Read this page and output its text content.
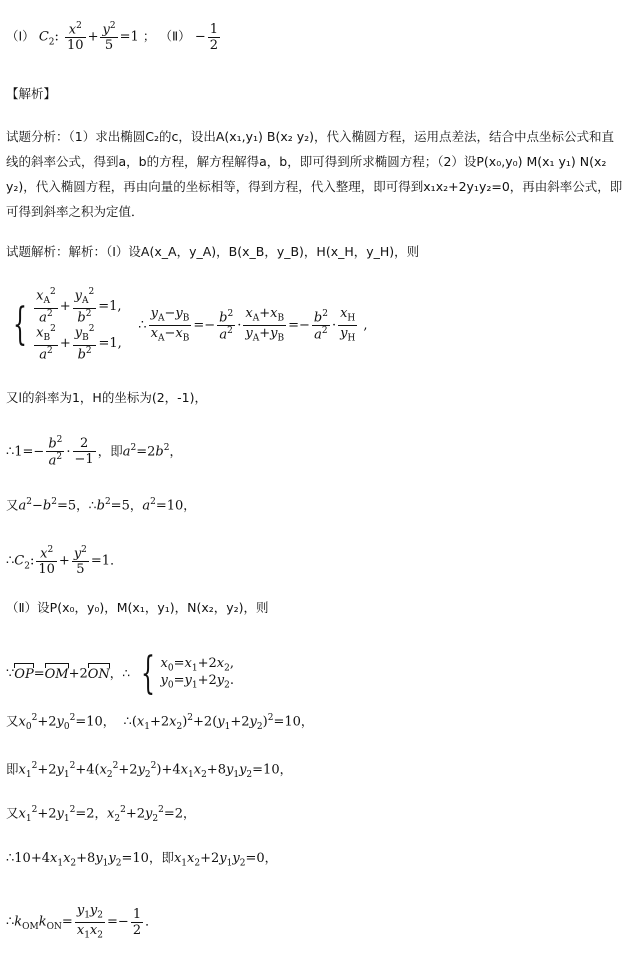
（Ⅰ） $C_2$: $\frac{x^2}{10} + \frac{y^2}{5} =1$ ； （Ⅱ） − $\frac{1}{2}$
【解析】
试题分析：（1）求出椭圆C₂的c，设出A(x₁,y₁) B(x₂ y₂)，代入椭圆方程，运用点差法，结合中点坐标公式和直线的斜率公式，得到a，b的方程，解方程解得a，b，即可得到所求椭圆方程；（2）设P(x₀,y₀) M(x₁ y₁) N(x₂ y₂)，代入椭圆方程，再由向量的坐标相等，得到方程，代入整理，即可得到x₁x₂+2y₁y₂=0，再由斜率公式，即可得到斜率之积为定值．
试题解析：解析：（Ⅰ）设A(x_A，y_A)，B(x_B，y_B)，H(x_H，y_H)，则
{ $\frac{x_A^2}{a^2} + \frac{y_A^2}{b^2} =1$,
$\frac{x_B^2}{a^2} + \frac{y_B^2}{b^2} =1$,
∴ $\frac{y_A-y_B}{x_A-x_B} =- \frac{b^2}{a^2} \cdot \frac{x_A+x_B}{y_A+y_B} =- \frac{b^2}{a^2} \cdot \frac{x_H}{y_H}$ ,
又l的斜率为1，H的坐标为(2，-1)，
∴1=− $\frac{b^2}{a^2} \cdot \frac{2}{-1}$ ，即$a^2=2b^2$，
又$a^2-b^2=5$，$\therefore b^2=5$，$a^2=10$，
$\therefore C_2$: $\frac{x^2}{10} + \frac{y^2}{5} =1$．
（Ⅱ）设P(x₀，y₀)，M(x₁，y₁)，N(x₂，y₂)，则
∵OP=OM+2ON，∴ { $x_0=x_1+2x_2$,
$y_0=y_1+2y_2$.
又$x_0^2+2y_0^2=10$，  $\therefore(x_1+2x_2)^2+2(y_1+2y_2)^2=10$，
即$x_1^2+2y_1^2+4(x_2^2+2y_2^2)+4x_1x_2+8y_1y_2=10$，
又$x_1^2+2y_1^2=2$，$x_2^2+2y_2^2=2$，
$\therefore 10+4x_1x_2+8y_1y_2=10$，即$x_1x_2+2y_1y_2=0$，
$\therefore k_{OM}k_{ON}= \frac{y_1y_2}{x_1x_2} =- \frac{1}{2}$ ．
